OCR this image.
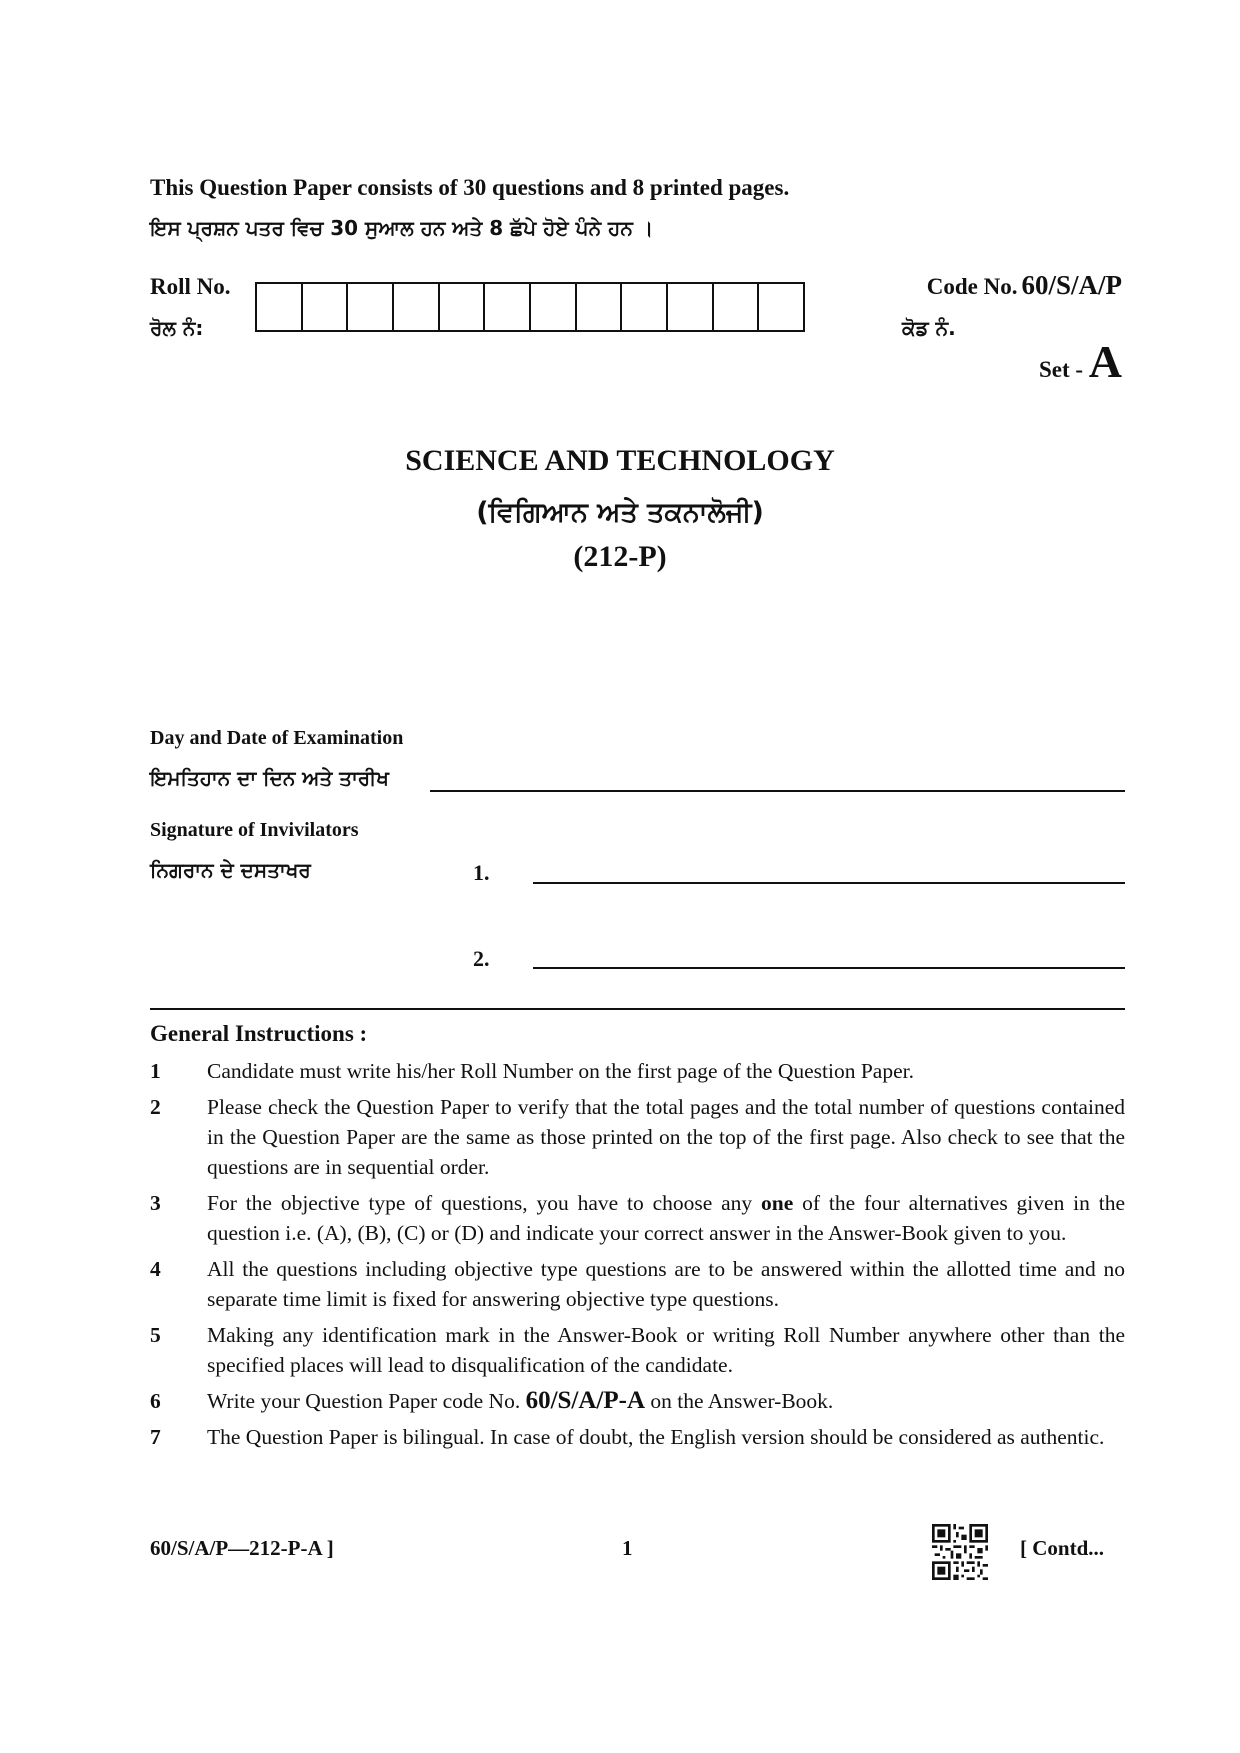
This Question Paper consists of 30 questions and 8 printed pages.
ਇਸ ਪ੍ਰਸ਼ਨ ਪਤਰ ਵਿਚ 30 ਸੁਆਲ ਹਨ ਅਤੇ 8 ਛੱਪੇ ਹੋਏ ਪੰਨੇ ਹਨ ।
Roll No.
ਰੋਲ ਨੰ:
Code No. 60/S/A/P
ਕੋਡ ਨੰ.
Set - A
SCIENCE AND TECHNOLOGY
(ਵਿਗਿਆਨ ਅਤੇ ਤਕਨਾਲੋਜੀ)
(212-P)
Day and Date of Examination
ਇਮਤਿਹਾਨ ਦਾ ਦਿਨ ਅਤੇ ਤਾਰੀਖ
Signature of Invivilators
ਨਿਗਰਾਨ ਦੇ ਦਸਤਾਖਰ	1.
2.
General Instructions :
1	Candidate must write his/her Roll Number on the first page of the Question Paper.
2	Please check the Question Paper to verify that the total pages and the total number of questions contained in the Question Paper are the same as those printed on the top of the first page. Also check to see that the questions are in sequential order.
3	For the objective type of questions, you have to choose any one of the four alternatives given in the question i.e. (A), (B), (C) or (D) and indicate your correct answer in the Answer-Book given to you.
4	All the questions including objective type questions are to be answered within the allotted time and no separate time limit is fixed for answering objective type questions.
5	Making any identification mark in the Answer-Book or writing Roll Number anywhere other than the specified places will lead to disqualification of the candidate.
6	Write your Question Paper code No. 60/S/A/P-A on the Answer-Book.
7	The Question Paper is bilingual. In case of doubt, the English version should be considered as authentic.
60/S/A/P—212-P-A ]	1	[ Contd...
